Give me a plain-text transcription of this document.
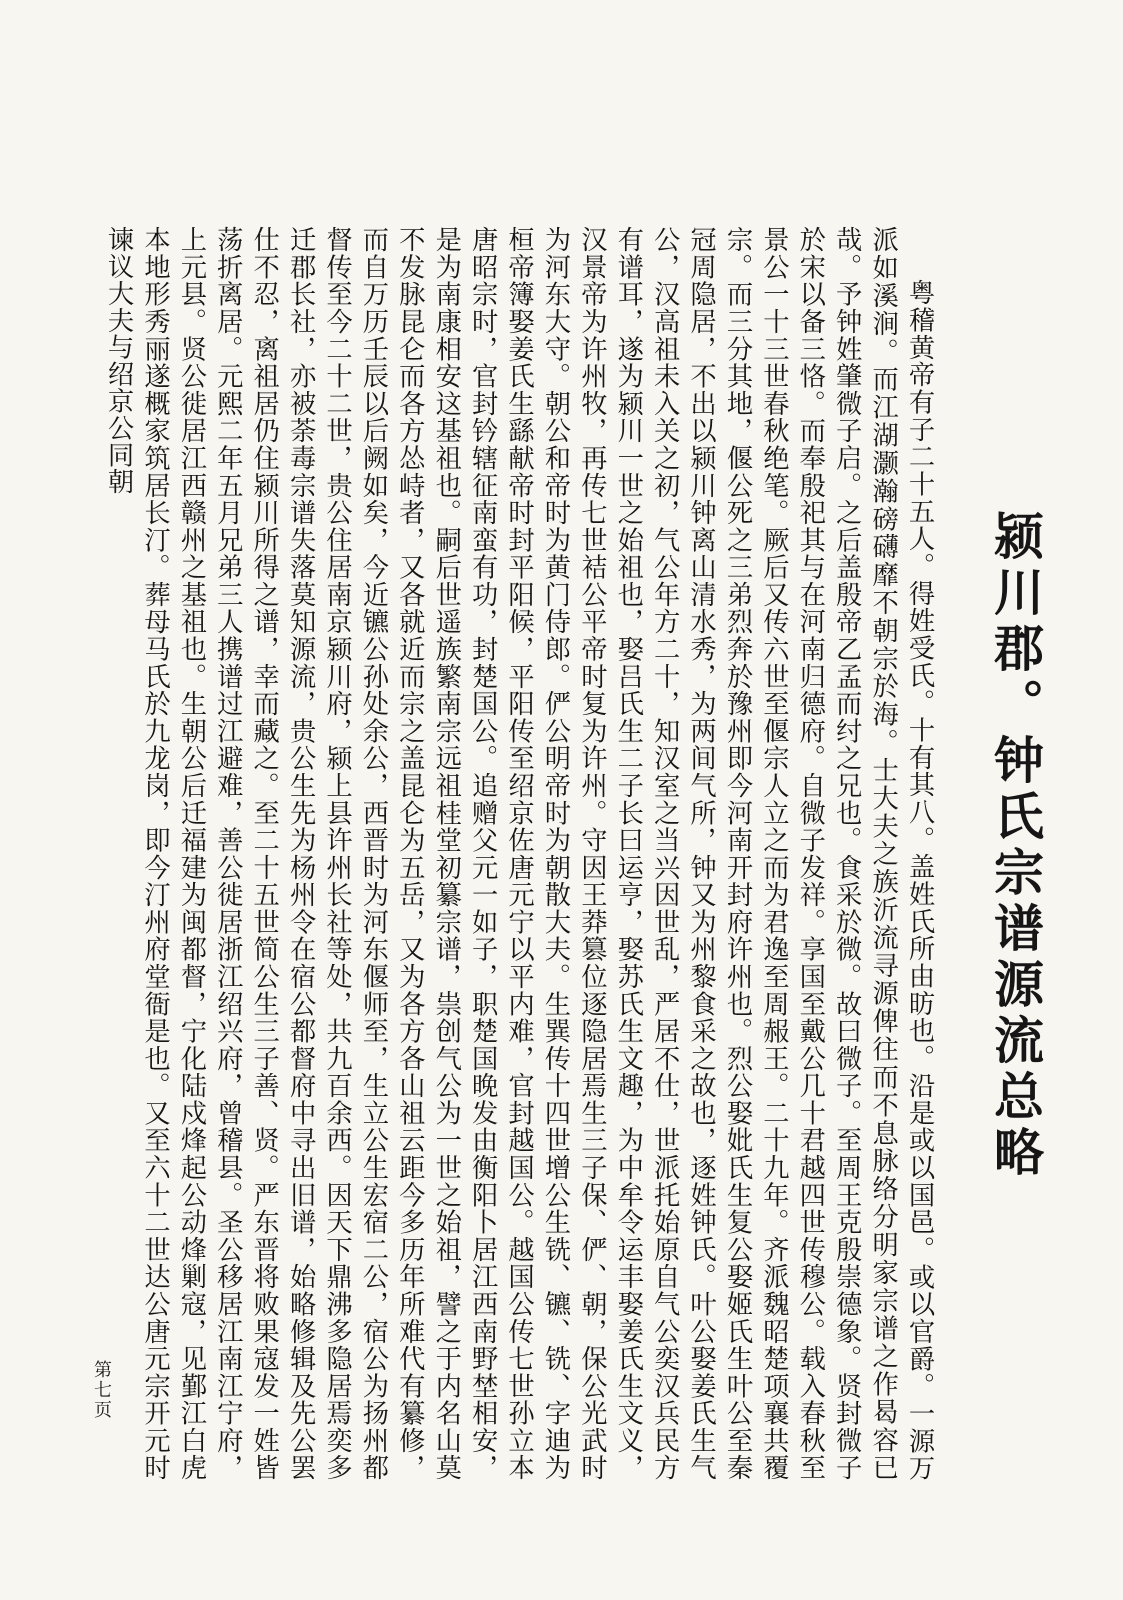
颍川郡。钟氏宗谱源流总略

粤稽黄帝有子二十五人。得姓受氏。十有其八。盖姓氏所由昉也。沿是或以国邑。或以官爵。一源万派如溪涧。而江湖灏瀚磅礴靡不朝宗於海。士大夫之族沂流寻源俾往而不息脉络分明家宗谱之作曷容已哉。予钟姓肇微子启。之后盖殷帝乙孟而纣之兄也。食采於微。故曰微子。至周王克殷崇德象。贤封微子於宋以备三恪。而奉殷祀其与在河南归德府。自微子发祥。享国至戴公几十君越四世传穆公。载入春秋至景公一十三世春秋绝笔。厥后又传六世至偃宗人立之而为君逸至周赧王。二十九年。齐派魏昭楚项襄共覆宗。而三分其地，偃公死之三弟烈奔於豫州即今河南开封府许州也。烈公娶妣氏生复公娶姬氏生叶公至秦冠周隐居，不出以颍川钟离山清水秀，为两间气所，钟又为州黎食采之故也，逐姓钟氏。叶公娶姜氏生气公，汉高祖未入关之初，气公年方二十，知汉室之当兴因世乱，严居不仕，世派托始原自气公奕汉兵民方有谱耳，遂为颍川一世之始祖也，娶吕氏生二子长曰运亨，娶苏氏生文趣，为中牟令运丰娶姜氏生文义，汉景帝为许州牧，再传七世袺公平帝时复为许州。守因王莽篡位逐隐居焉生三子保、俨、朝，保公光武时为河东大守。朝公和帝时为黄门侍郎。俨公明帝时为朝散大夫。生巽传十四世增公生铣、镳、铣、字迪为桓帝簿娶姜氏生繇献帝时封平阳候，平阳传至绍京佐唐元宁以平内难，官封越国公。越国公传七世孙立本唐昭宗时，官封钤辖征南蛮有功，封楚国公。追赠父元一如子，职楚国晚发由衡阳卜居江西南野埜相安，是为南康相安这基祖也。嗣后世遥族繁南宗远祖桂堂初纂宗谱，祟创气公为一世之始祖，譬之于内名山莫不发脉昆仑而各方怂峙者，又各就近而宗之盖昆仑为五岳，又为各方各山祖云距今多历年所难代有纂修，而自万历壬辰以后阙如矣，今近镳公孙处余公，西晋时为河东偃师至，生立公生宏宿二公，宿公为扬州都督传至今二十二世，贵公住居南京颍川府，颍上县许州长社等处，共九百余西。因天下鼎沸多隐居焉奕多迁郡长社，亦被荼毒宗谱失落莫知源流，贵公生先为杨州令在宿公都督府中寻出旧谱，始略修辑及先公罢仕不忍，离祖居仍住颍川所得之谱，幸而藏之。至二十五世简公生三子善、贤。严东晋将败果寇发一姓皆荡折离居。元熙二年五月兄弟三人携谱过江避难，善公徙居浙江绍兴府，曾稽县。圣公移居江南江宁府，上元县。贤公徙居江西赣州之基祖也。生朝公后迁福建为闽都督，宁化陆戍烽起公动烽剿寇，见鄞江白虎本地形秀丽遂概家筑居长汀。葬母马氏於九龙岗，即今汀州府堂衙是也。又至六十二世达公唐元宗开元时谏议大夫与绍京公同朝

第七页
